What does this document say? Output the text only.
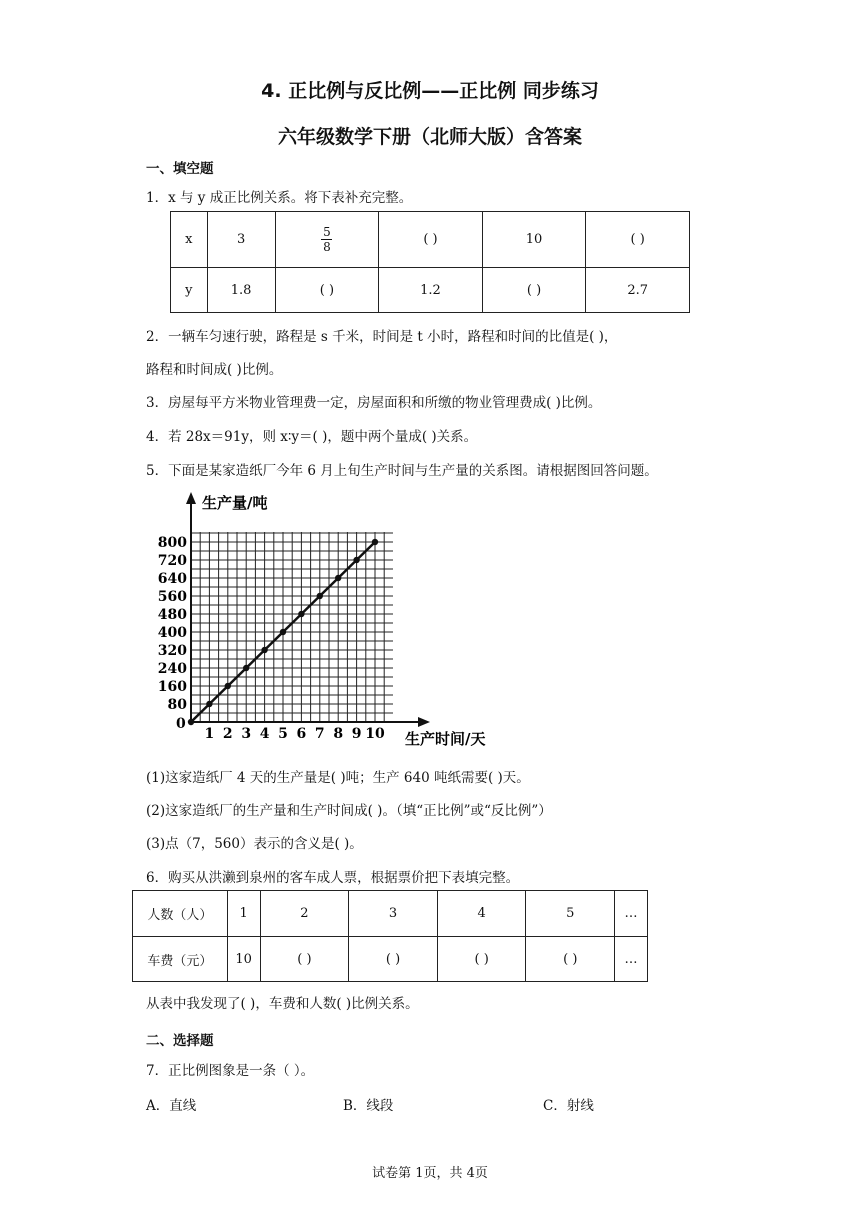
4. 正比例与反比例——正比例 同步练习
六年级数学下册（北师大版）含答案
一、填空题
1．x 与 y 成正比例关系。将下表补充完整。
x	3	$\frac{5}{8}$	( )	10	( )
y	1.8	( )	1.2	( )	2.7
2．一辆车匀速行驶，路程是 s 千米，时间是 t 小时，路程和时间的比值是( )，
路程和时间成( )比例。
3．房屋每平方米物业管理费一定，房屋面积和所缴的物业管理费成( )比例。
4．若 28x＝91y，则 x∶y＝( )，题中两个量成( )关系。
5．下面是某家造纸厂今年 6 月上旬生产时间与生产量的关系图。请根据图回答问题。
1 2 3 4 5 6 7 8 9 10
80
160
240
320
400
480
560
640
720
800
生产量/吨
生产时间/天
0
(1)这家造纸厂 4 天的生产量是( )吨；生产 640 吨纸需要( )天。
(2)这家造纸厂的生产量和生产时间成( )。（填“正比例”或“反比例”）
(3)点（7，560）表示的含义是( )。
6．购买从洪濑到泉州的客车成人票，根据票价把下表填完整。
人数（人）	1	2	3	4	5	…
车费（元）	10	( )	( )	( )	( )	…
从表中我发现了( )，车费和人数( )比例关系。
二、选择题
7．正比例图象是一条（ ）。
A．直线	B．线段	C．射线
试卷第 1页，共 4页
